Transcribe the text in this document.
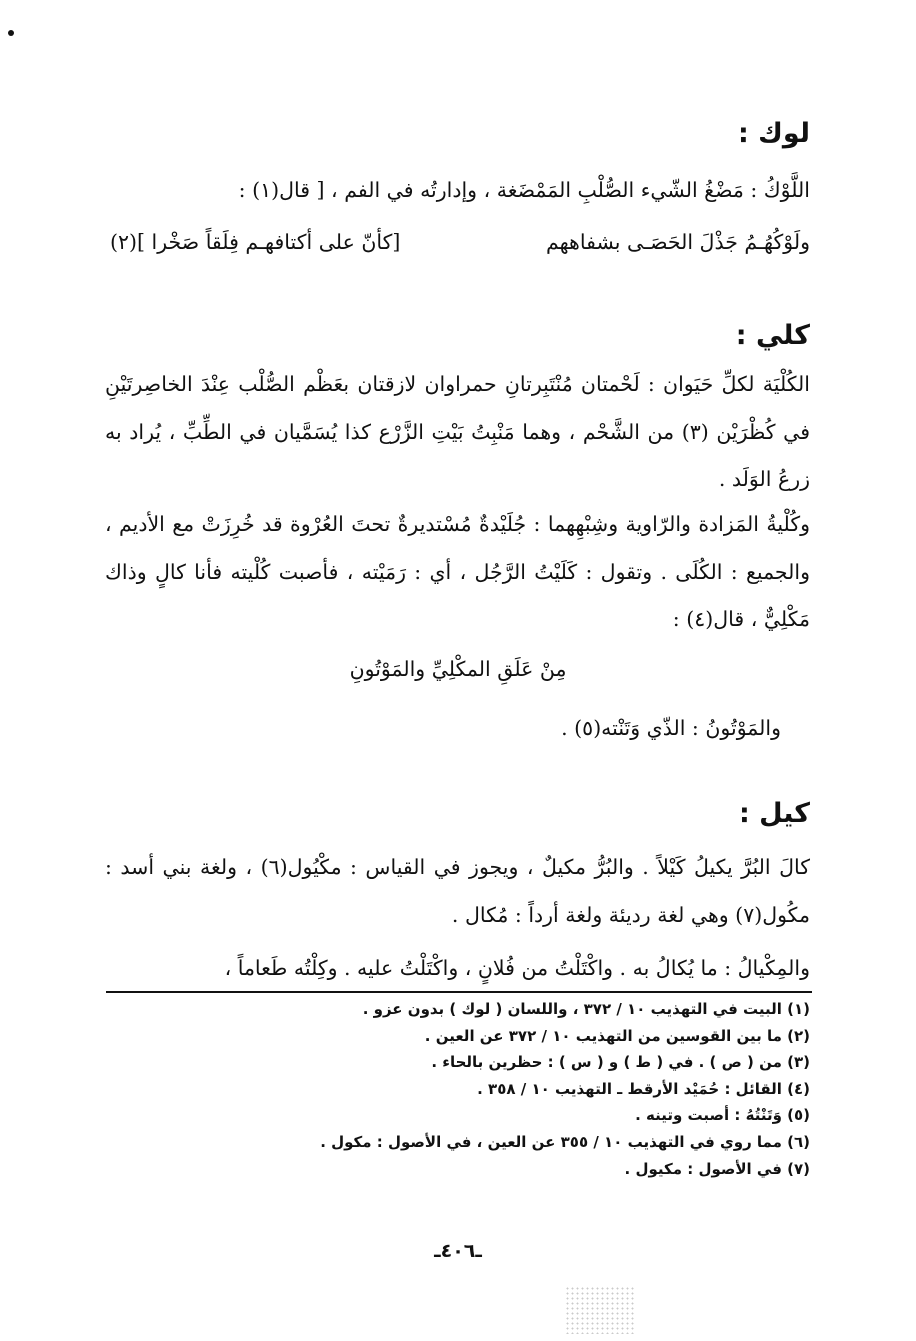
لوك :
اللَّوْكُ : مَضْغُ الشّيء الصُّلْبِ المَمْضَغة ، وإدارتُه في الفم ، [ قال(١) :
ولَوْكُهُـمُ جَذْلَ الحَصَـى بشفاههم
[كأنّ على أكتافهـم فِلَقاً صَخْرا ](٢)
كلي :
الكُلْيَة لكلِّ حَيَوان : لَحْمتان مُنْتَبِرتانِ حمراوان لازقتان بعَظْم الصُّلْب عِنْدَ الخاصِرتَيْنِ في كُظْرَيْن (٣) من الشَّحْم ، وهما مَنْبِتُ بَيْتِ الزَّرْع كذا يُسَمَّيان في الطِّبِّ ، يُراد به زرعُ الوَلَد .
وكُلْيةُ المَزادة والرّاوية وشِبْهِهما : جُلَيْدةٌ مُسْتديرةٌ تحتَ العُرْوة قد خُرِزَتْ مع الأديم ، والجميع : الكُلَى . وتقول : كَلَيْتُ الرَّجُل ، أي : رَمَيْته ، فأصبت كُلْيته فأنا كالٍ وذاك مَكْلِيٌّ ، قال(٤) :
مِنْ عَلَقِ المكْلِيِّ والمَوْتُونِ
والمَوْتُونُ : الذّي وَتَنْته(٥) .
كيل :
كالَ البُرَّ يكيلُ كَيْلاً . والبُرُّ مكيلٌ ، ويجوز في القياس : مكْيُول(٦) ، ولغة بني أسد : مكُول(٧) وهي لغة رديئة ولغة أرداً : مُكال .
والمِكْيالُ : ما يُكالُ به . واكْتَلْتُ من فُلانٍ ، واكْتَلْتُ عليه . وكِلْتُه طَعاماً ،
(١) البيت في التهذيب ١٠ / ٣٧٢ ، واللسان ( لوك ) بدون عزو .
(٢) ما بين القوسين من التهذيب ١٠ / ٣٧٢ عن العين .
(٣) من ( ص ) . في ( ط ) و ( س ) : حظرين بالحاء .
(٤) القائل : حُمَيْد الأرقط ـ التهذيب ١٠ / ٣٥٨ .
(٥) وَتَنْتُهُ : أصبت وتينه .
(٦) مما روي في التهذيب ١٠ / ٣٥٥ عن العين ، في الأصول : مكول .
(٧) في الأصول : مكيول .
ـ٤٠٦ـ
